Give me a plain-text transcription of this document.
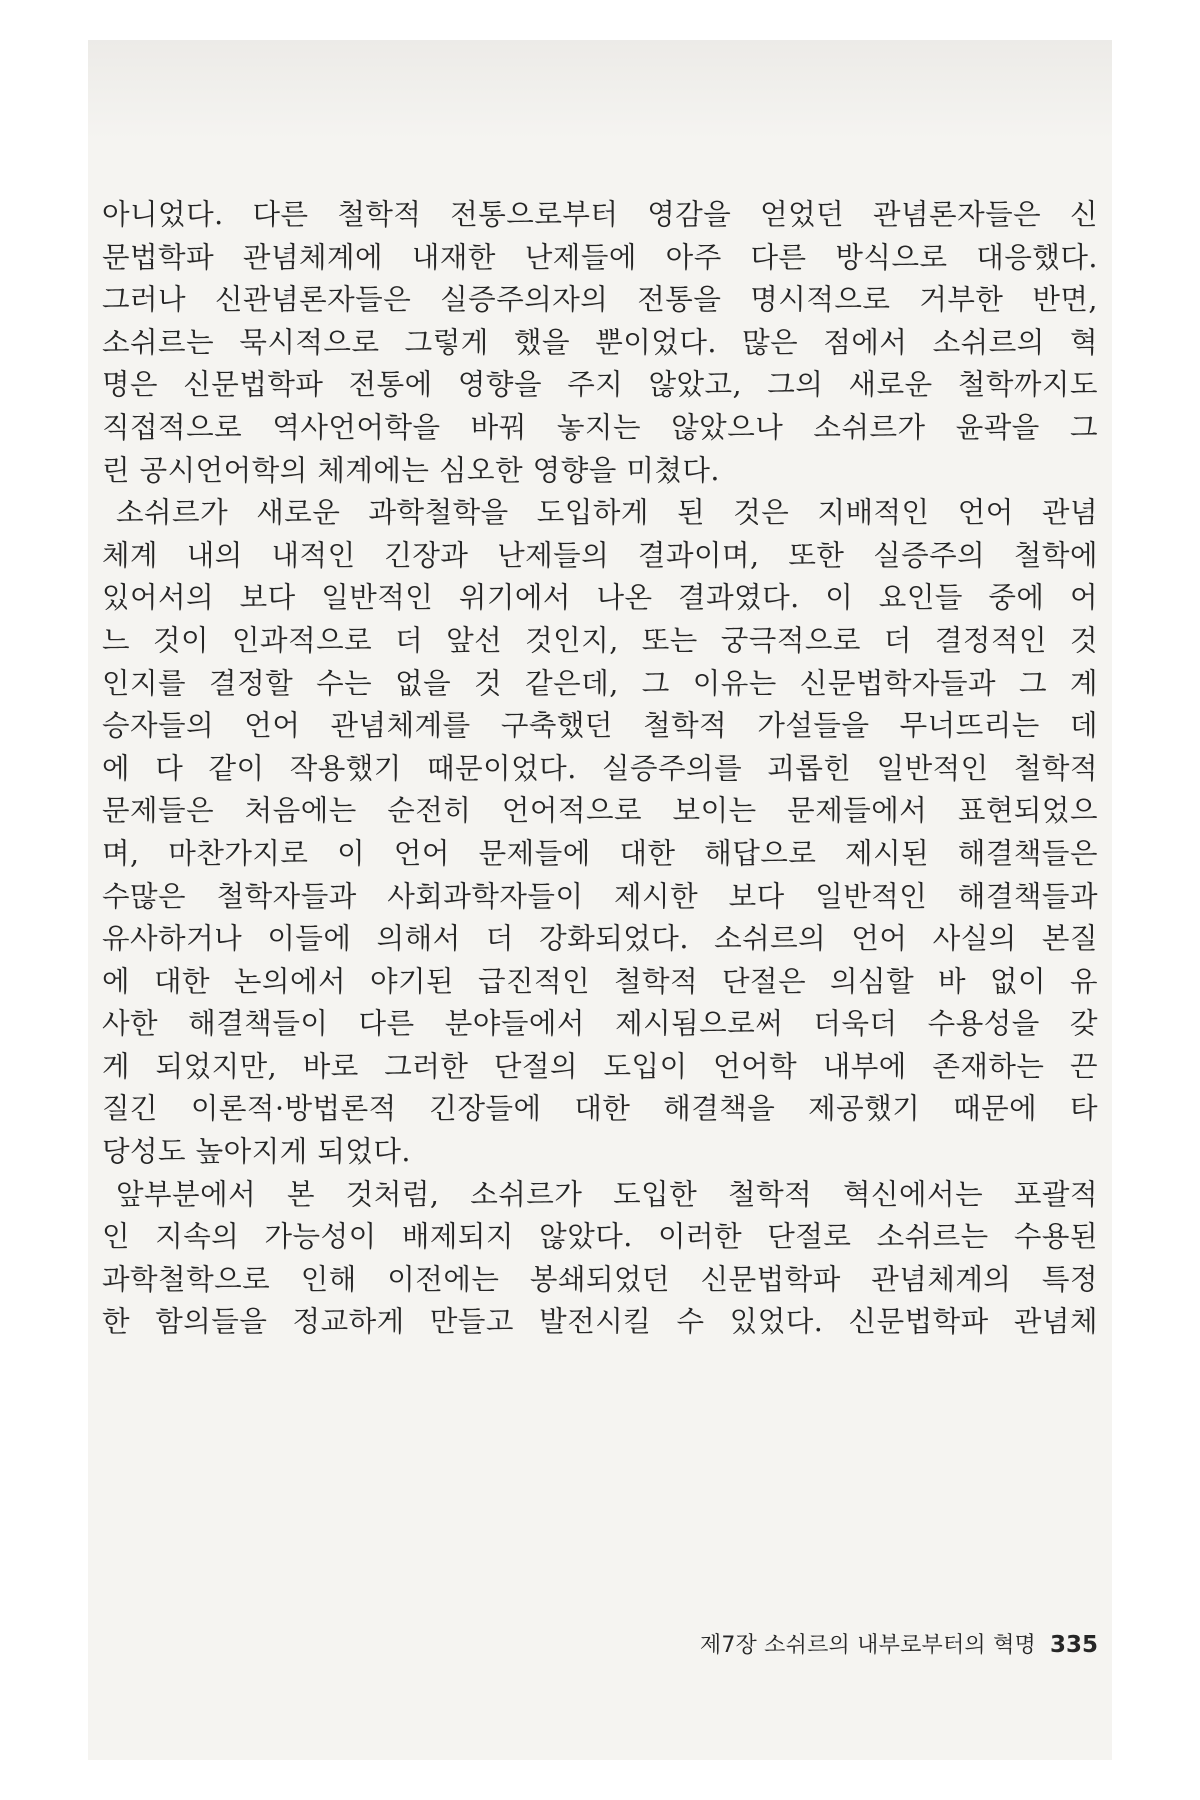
아니었다. 다른 철학적 전통으로부터 영감을 얻었던 관념론자들은 신
문법학파 관념체계에 내재한 난제들에 아주 다른 방식으로 대응했다.
그러나 신관념론자들은 실증주의자의 전통을 명시적으로 거부한 반면,
소쉬르는 묵시적으로 그렇게 했을 뿐이었다. 많은 점에서 소쉬르의 혁
명은 신문법학파 전통에 영향을 주지 않았고, 그의 새로운 철학까지도
직접적으로 역사언어학을 바꿔 놓지는 않았으나 소쉬르가 윤곽을 그
린 공시언어학의 체계에는 심오한 영향을 미쳤다.
소쉬르가 새로운 과학철학을 도입하게 된 것은 지배적인 언어 관념
체계 내의 내적인 긴장과 난제들의 결과이며, 또한 실증주의 철학에
있어서의 보다 일반적인 위기에서 나온 결과였다. 이 요인들 중에 어
느 것이 인과적으로 더 앞선 것인지, 또는 궁극적으로 더 결정적인 것
인지를 결정할 수는 없을 것 같은데, 그 이유는 신문법학자들과 그 계
승자들의 언어 관념체계를 구축했던 철학적 가설들을 무너뜨리는 데
에 다 같이 작용했기 때문이었다. 실증주의를 괴롭힌 일반적인 철학적
문제들은 처음에는 순전히 언어적으로 보이는 문제들에서 표현되었으
며, 마찬가지로 이 언어 문제들에 대한 해답으로 제시된 해결책들은
수많은 철학자들과 사회과학자들이 제시한 보다 일반적인 해결책들과
유사하거나 이들에 의해서 더 강화되었다. 소쉬르의 언어 사실의 본질
에 대한 논의에서 야기된 급진적인 철학적 단절은 의심할 바 없이 유
사한 해결책들이 다른 분야들에서 제시됨으로써 더욱더 수용성을 갖
게 되었지만, 바로 그러한 단절의 도입이 언어학 내부에 존재하는 끈
질긴 이론적·방법론적 긴장들에 대한 해결책을 제공했기 때문에 타
당성도 높아지게 되었다.
앞부분에서 본 것처럼, 소쉬르가 도입한 철학적 혁신에서는 포괄적
인 지속의 가능성이 배제되지 않았다. 이러한 단절로 소쉬르는 수용된
과학철학으로 인해 이전에는 봉쇄되었던 신문법학파 관념체계의 특정
한 함의들을 정교하게 만들고 발전시킬 수 있었다. 신문법학파 관념체
제7장 소쉬르의 내부로부터의 혁명 335
